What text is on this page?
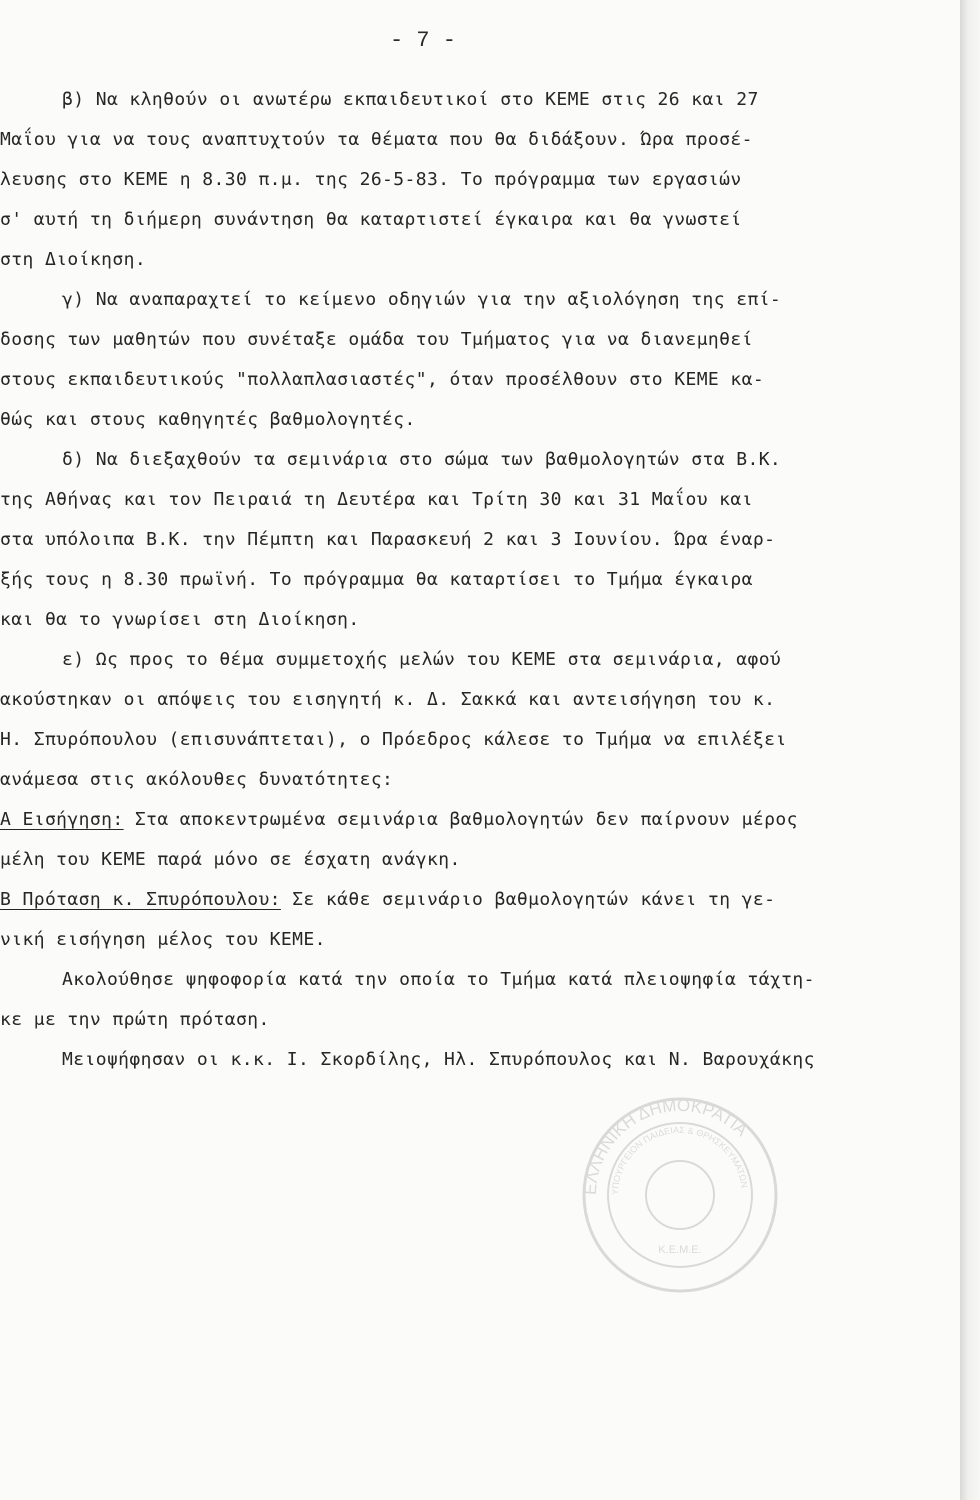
- 7 -
β) Να κληθούν οι ανωτέρω εκπαιδευτικοί στο ΚΕΜΕ στις 26 και 27
Μαΐου για να τους αναπτυχτούν τα θέματα που θα διδάξουν. Ώρα προσέ-
λευσης στο ΚΕΜΕ η 8.30 π.μ. της 26-5-83. Το πρόγραμμα των εργασιών
σ' αυτή τη διήμερη συνάντηση θα καταρτιστεί έγκαιρα και θα γνωστεί
στη Διοίκηση.
γ) Να αναπαραχτεί το κείμενο οδηγιών για την αξιολόγηση της επί-
δοσης των μαθητών που συνέταξε ομάδα του Τμήματος για να διανεμηθεί
στους εκπαιδευτικούς "πολλαπλασιαστές", όταν προσέλθουν στο ΚΕΜΕ κα-
θώς και στους καθηγητές βαθμολογητές.
δ) Να διεξαχθούν τα σεμινάρια στο σώμα των βαθμολογητών στα Β.Κ.
της Αθήνας και τον Πειραιά τη Δευτέρα και Τρίτη 30 και 31 Μαΐου και
στα υπόλοιπα Β.Κ. την Πέμπτη και Παρασκευή 2 και 3 Ιουνίου. Ώρα έναρ-
ξής τους η 8.30 πρωϊνή. Το πρόγραμμα θα καταρτίσει το Τμήμα έγκαιρα
και θα το γνωρίσει στη Διοίκηση.
ε) Ως προς το θέμα συμμετοχής μελών του ΚΕΜΕ στα σεμινάρια, αφού
ακούστηκαν οι απόψεις του εισηγητή κ. Δ. Σακκά και αντεισήγηση του κ.
Η. Σπυρόπουλου (επισυνάπτεται), ο Πρόεδρος κάλεσε το Τμήμα να επιλέξει
ανάμεσα στις ακόλουθες δυνατότητες:
Α Εισήγηση: Στα αποκεντρωμένα σεμινάρια βαθμολογητών δεν παίρνουν μέρος
μέλη του ΚΕΜΕ παρά μόνο σε έσχατη ανάγκη.
Β Πρόταση κ. Σπυρόπουλου: Σε κάθε σεμινάριο βαθμολογητών κάνει τη γε-
νική εισήγηση μέλος του ΚΕΜΕ.
Ακολούθησε ψηφοφορία κατά την οποία το Τμήμα κατά πλειοψηφία τάχτη-
κε με την πρώτη πρόταση.
Μειοψήφησαν οι κ.κ. Ι. Σκορδίλης, Ηλ. Σπυρόπουλος και Ν. Βαρουχάκης
ΕΛΛΗΝΙΚΗ ΔΗΜΟΚΡΑΤΙΑ
ΥΠΟΥΡΓΕΙΟΝ ΠΑΙΔΕΙΑΣ & ΘΡΗΣΚΕΥΜΑΤΩΝ
Κ.Ε.Μ.Ε.
